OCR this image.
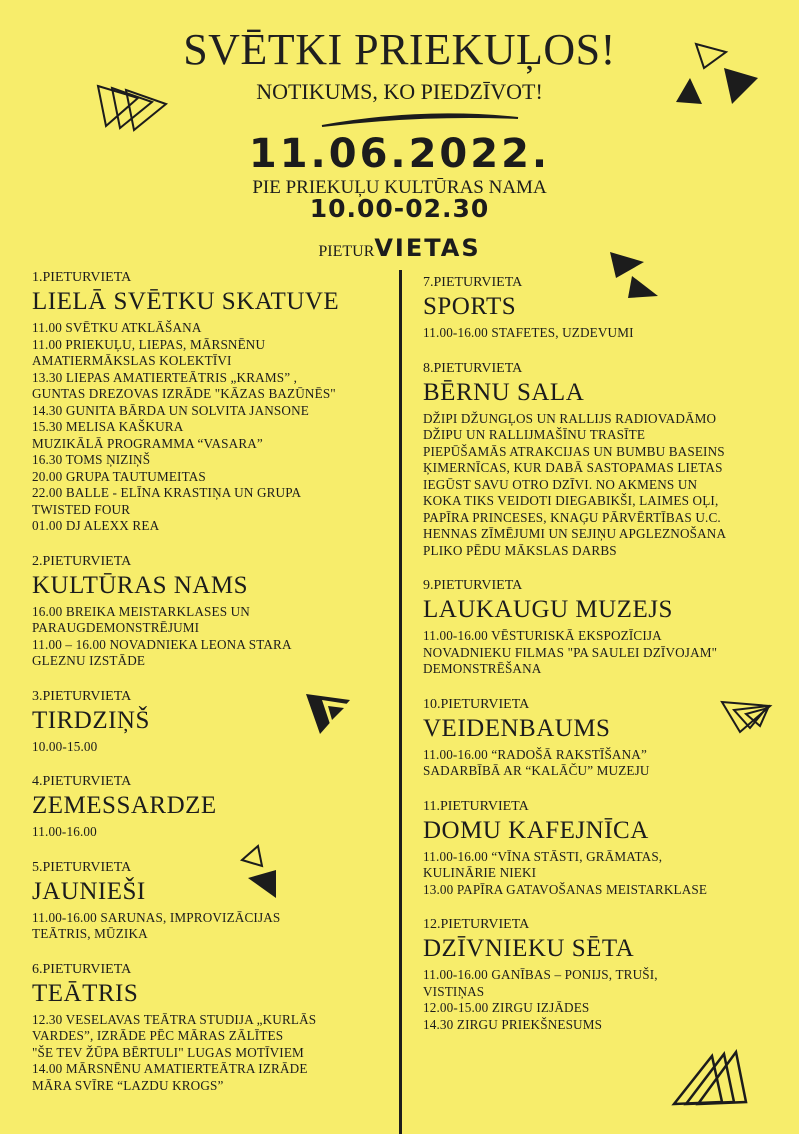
SVĒTKI PRIEKUĻOS!
NOTIKUMS, KO PIEDZĪVOT!
11.06.2022.
PIE PRIEKUĻU KULTŪRAS NAMA
10.00-02.30
PIETURVIETAS
1.PIETURVIETA
LIELĀ SVĒTKU SKATUVE
11.00 SVĒTKU ATKLĀŠANA
11.00 PRIEKUĻU, LIEPAS, MĀRSNĒNU
AMATIERMĀKSLAS KOLEKTĪVI
13.30 LIEPAS AMATIERTEĀTRIS „KRAMS” ,
GUNTAS DREZOVAS IZRĀDE "KĀZAS BAZŪNĒS"
14.30 GUNITA BĀRDA UN SOLVITA JANSONE
15.30 MELISA KAŠKURA
MUZIKĀLĀ PROGRAMMA “VASARA”
16.30 TOMS ŅIZIŅŠ
20.00 GRUPA TAUTUMEITAS
22.00 BALLE - ELĪNA KRASTIŅA UN GRUPA
TWISTED FOUR
01.00 DJ ALEXX REA
2.PIETURVIETA
KULTŪRAS NAMS
16.00 BREIKA MEISTARKLASES UN
PARAUGDEMONSTRĒJUMI
11.00 – 16.00 NOVADNIEKA LEONA STARA
GLEZNU IZSTĀDE
3.PIETURVIETA
TIRDZIŅŠ
10.00-15.00
4.PIETURVIETA
ZEMESSARDZE
11.00-16.00
5.PIETURVIETA
JAUNIEŠI
11.00-16.00 SARUNAS, IMPROVIZĀCIJAS
TEĀTRIS, MŪZIKA
6.PIETURVIETA
TEĀTRIS
12.30 VESELAVAS TEĀTRA STUDIJA „KURLĀS
VARDES”, IZRĀDE PĒC MĀRAS ZĀLĪTES
"ŠE TEV ŽŪPA BĒRTULI" LUGAS MOTĪVIEM
14.00 MĀRSNĒNU AMATIERTEĀTRA IZRĀDE
MĀRA SVĪRE “LAZDU KROGS”
7.PIETURVIETA
SPORTS
11.00-16.00 STAFETES, UZDEVUMI
8.PIETURVIETA
BĒRNU SALA
DŽIPI DŽUNGĻOS UN RALLIJS RADIOVADĀMO
DŽIPU UN RALLIJMAŠĪNU TRASĪTE
PIEPŪŠAMĀS ATRAKCIJAS UN BUMBU BASEINS
ĶIMERNĪCAS, KUR DABĀ SASTOPAMAS LIETAS
IEGŪST SAVU OTRO DZĪVI. NO AKMENS UN
KOKA TIKS VEIDOTI DIEGABIKŠI, LAIMES OĻI,
PAPĪRA PRINCESES, KNAĢU PĀRVĒRTĪBAS U.C.
HENNAS ZĪMĒJUMI UN SEJIŅU APGLEZNOŠANA
PLIKO PĒDU MĀKSLAS DARBS
9.PIETURVIETA
LAUKAUGU MUZEJS
11.00-16.00 VĒSTURISKĀ EKSPOZĪCIJA
NOVADNIEKU FILMAS "PA SAULEI DZĪVOJAM"
DEMONSTRĒŠANA
10.PIETURVIETA
VEIDENBAUMS
11.00-16.00 “RADOŠĀ RAKSTĪŠANA”
SADARBĪBĀ AR “KALĀČU” MUZEJU
11.PIETURVIETA
DOMU KAFEJNĪCA
11.00-16.00 “VĪNA STĀSTI, GRĀMATAS,
KULINĀRIE NIEKI
13.00 PAPĪRA GATAVOŠANAS MEISTARKLASE
12.PIETURVIETA
DZĪVNIEKU SĒTA
11.00-16.00 GANĪBAS – PONIJS, TRUŠI,
VISTIŅAS
12.00-15.00 ZIRGU IZJĀDES
14.30 ZIRGU PRIEKŠNESUMS
